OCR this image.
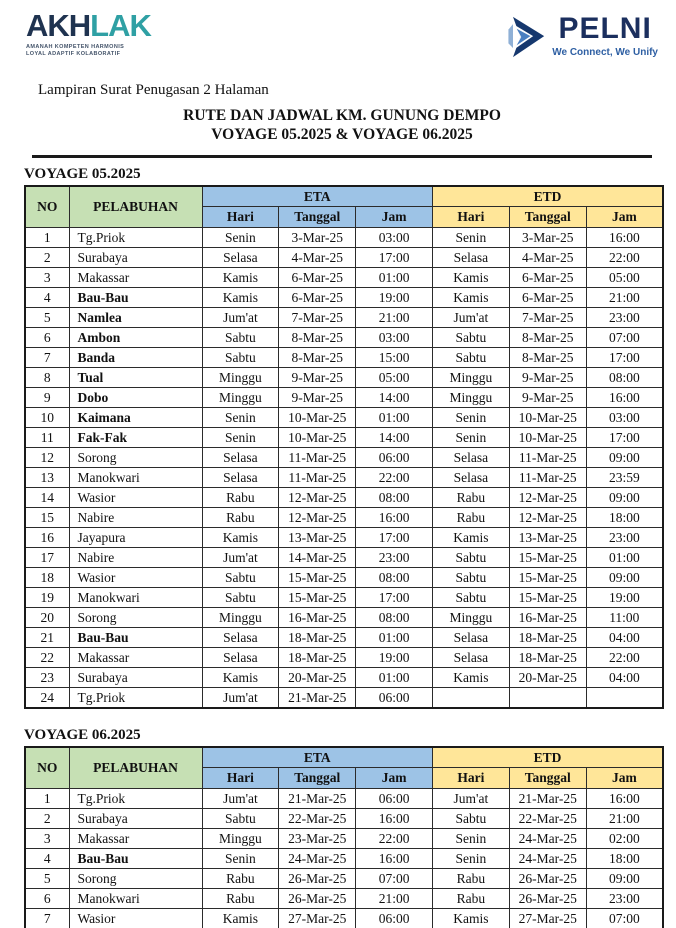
AKHLAK
AMANAH KOMPETEN HARMONIS
LOYAL ADAPTIF KOLABORATIF
PELNI
We Connect, We Unify
Lampiran Surat Penugasan 2 Halaman
RUTE DAN JADWAL KM. GUNUNG DEMPO
VOYAGE 05.2025 & VOYAGE 06.2025
VOYAGE 05.2025
NO	PELABUHAN	ETA			ETD		
		Hari	Tanggal	Jam	Hari	Tanggal	Jam
1	Tg.Priok	Senin	3-Mar-25	03:00	Senin	3-Mar-25	16:00
2	Surabaya	Selasa	4-Mar-25	17:00	Selasa	4-Mar-25	22:00
3	Makassar	Kamis	6-Mar-25	01:00	Kamis	6-Mar-25	05:00
4	Bau-Bau	Kamis	6-Mar-25	19:00	Kamis	6-Mar-25	21:00
5	Namlea	Jum'at	7-Mar-25	21:00	Jum'at	7-Mar-25	23:00
6	Ambon	Sabtu	8-Mar-25	03:00	Sabtu	8-Mar-25	07:00
7	Banda	Sabtu	8-Mar-25	15:00	Sabtu	8-Mar-25	17:00
8	Tual	Minggu	9-Mar-25	05:00	Minggu	9-Mar-25	08:00
9	Dobo	Minggu	9-Mar-25	14:00	Minggu	9-Mar-25	16:00
10	Kaimana	Senin	10-Mar-25	01:00	Senin	10-Mar-25	03:00
11	Fak-Fak	Senin	10-Mar-25	14:00	Senin	10-Mar-25	17:00
12	Sorong	Selasa	11-Mar-25	06:00	Selasa	11-Mar-25	09:00
13	Manokwari	Selasa	11-Mar-25	22:00	Selasa	11-Mar-25	23:59
14	Wasior	Rabu	12-Mar-25	08:00	Rabu	12-Mar-25	09:00
15	Nabire	Rabu	12-Mar-25	16:00	Rabu	12-Mar-25	18:00
16	Jayapura	Kamis	13-Mar-25	17:00	Kamis	13-Mar-25	23:00
17	Nabire	Jum'at	14-Mar-25	23:00	Sabtu	15-Mar-25	01:00
18	Wasior	Sabtu	15-Mar-25	08:00	Sabtu	15-Mar-25	09:00
19	Manokwari	Sabtu	15-Mar-25	17:00	Sabtu	15-Mar-25	19:00
20	Sorong	Minggu	16-Mar-25	08:00	Minggu	16-Mar-25	11:00
21	Bau-Bau	Selasa	18-Mar-25	01:00	Selasa	18-Mar-25	04:00
22	Makassar	Selasa	18-Mar-25	19:00	Selasa	18-Mar-25	22:00
23	Surabaya	Kamis	20-Mar-25	01:00	Kamis	20-Mar-25	04:00
24	Tg.Priok	Jum'at	21-Mar-25	06:00			
VOYAGE 06.2025
NO	PELABUHAN	ETA			ETD		
		Hari	Tanggal	Jam	Hari	Tanggal	Jam
1	Tg.Priok	Jum'at	21-Mar-25	06:00	Jum'at	21-Mar-25	16:00
2	Surabaya	Sabtu	22-Mar-25	16:00	Sabtu	22-Mar-25	21:00
3	Makassar	Minggu	23-Mar-25	22:00	Senin	24-Mar-25	02:00
4	Bau-Bau	Senin	24-Mar-25	16:00	Senin	24-Mar-25	18:00
5	Sorong	Rabu	26-Mar-25	07:00	Rabu	26-Mar-25	09:00
6	Manokwari	Rabu	26-Mar-25	21:00	Rabu	26-Mar-25	23:00
7	Wasior	Kamis	27-Mar-25	06:00	Kamis	27-Mar-25	07:00
